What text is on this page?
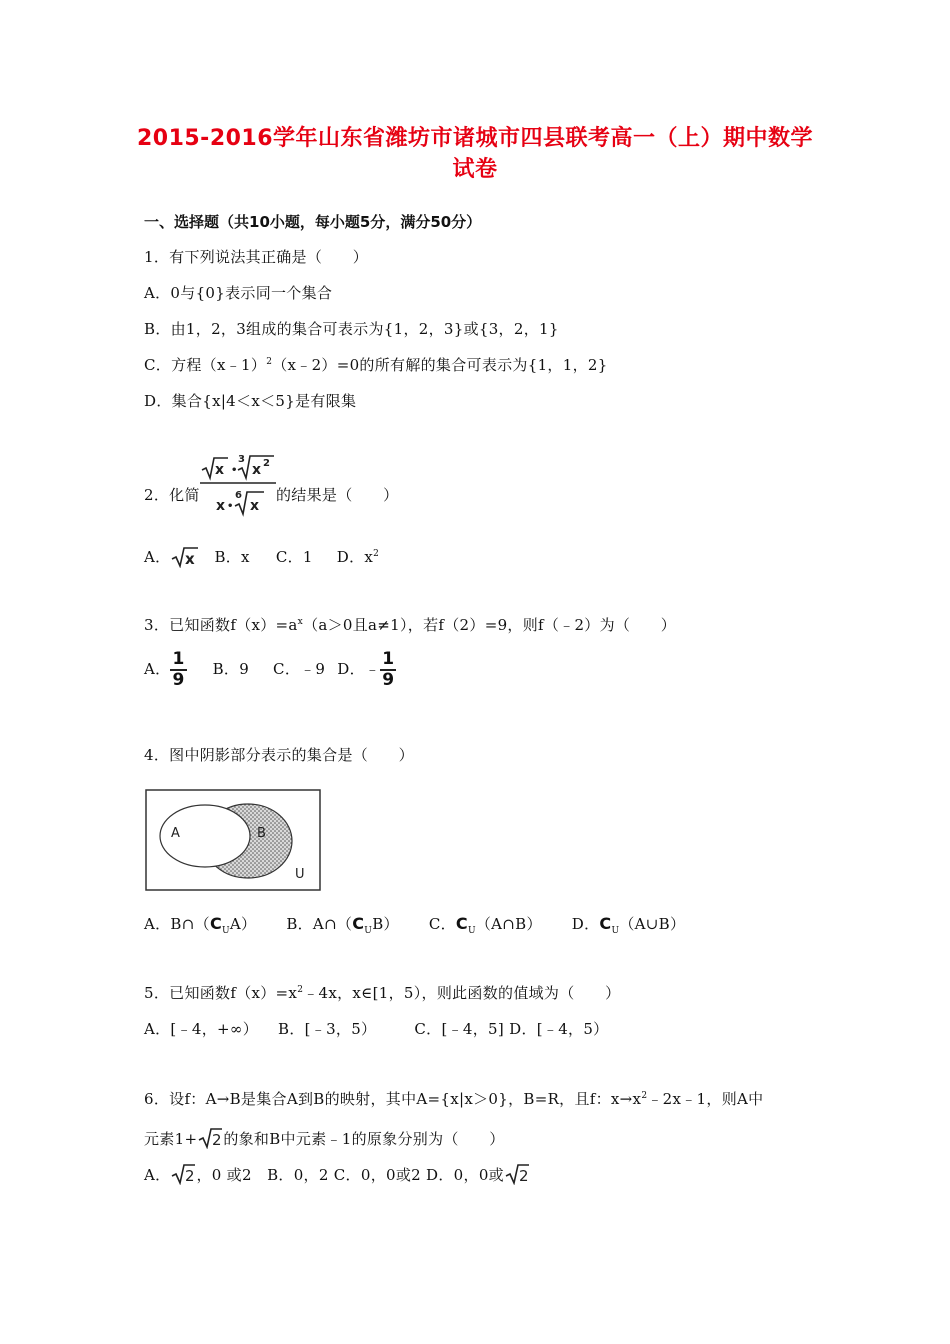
2015-2016学年山东省潍坊市诸城市四县联考高一（上）期中数学
试卷
一、选择题（共10小题，每小题5分，满分50分）
1．有下列说法其正确是（　　）
A．0与{0}表示同一个集合
B．由1，2，3组成的集合可表示为{1，2，3}或{3，2，1}
C．方程（x﹣1）$^2$（x﹣2）=0的所有解的集合可表示为{1，1，2}
D．集合{x|4＜x＜5}是有限集
2．化简
x •
3
x 2
x •
6
x
的结果是（　　）
A． x B．x C．1 D．$x^2$
3．已知函数$f(x)=a^x(a>0$且a≠1），若f（2）=9，则f（﹣2）为（　　）
A． $\frac{1}{9}$ B．9 C．﹣9 D．﹣ $\frac{1}{9}$
4．图中阴影部分表示的集合是（　　）
A	B
U
A．$B\cap(C_UA)$ B．$A\cap(C_UB)$ C．$C_U(A\cap B)$ D．$C_U(A\cup B)$
5．已知函数$f(x)=x^2﹣4x$，x∈[1，5），则此函数的值域为（　　）
A．[﹣4，+∞） B．[﹣3，5）	C．[﹣4，5] D．[﹣4，5）
6．设f：A→B是集合A到B的映射，其中A={x|x＞0}，B=R，且f：$x\to x^2﹣2x﹣1$，则A中
元素1+ 2 的象和B中元素﹣1的原象分别为（　　）
A． 2 ，0 或2　B．0，2 C．0，0或2 D．0，0或 2
